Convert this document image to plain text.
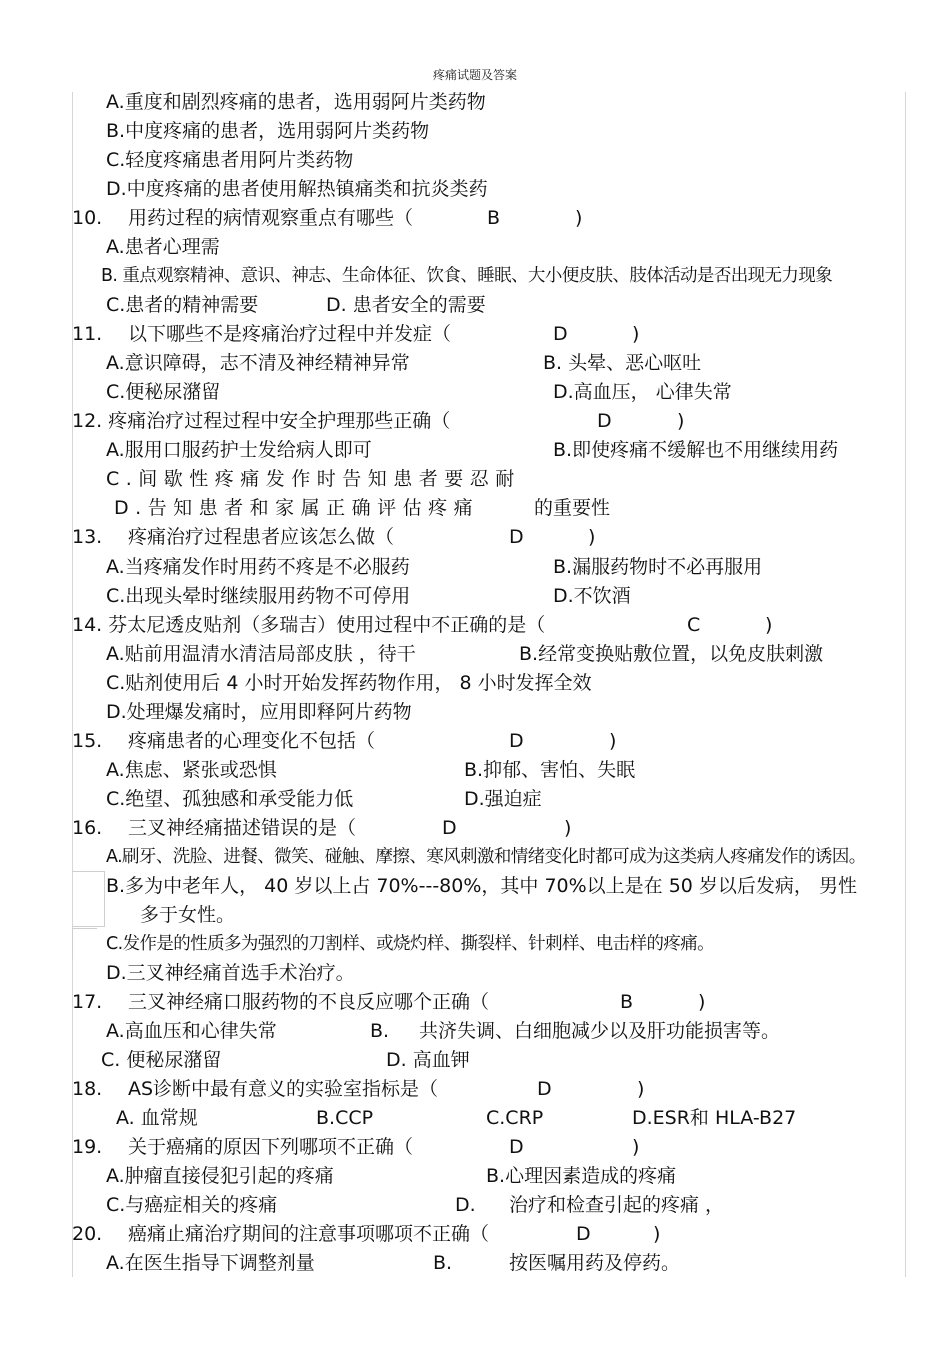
疼痛试题及答案
A.重度和剧烈疼痛的患者，选用弱阿片类药物
B.中度疼痛的患者，选用弱阿片类药物
C.轻度疼痛患者用阿片类药物
D.中度疼痛的患者使用解热镇痛类和抗炎类药
10. 用药过程的病情观察重点有哪些（	B	)
A.患者心理需
B. 重点观察精神、意识、神志、生命体征、饮食、睡眠、大小便皮肤、肢体活动是否出现无力现象
C.患者的精神需要	D. 患者安全的需要
11. 以下哪些不是疼痛治疗过程中并发症（	D	)
A.意识障碍，志不清及神经精神异常	B. 头晕、恶心呕吐
C.便秘尿潴留	D.高血压， 心律失常
12. 疼痛治疗过程过程中安全护理那些正确（	D	)
A.服用口服药护士发给病人即可	B.即使疼痛不缓解也不用继续用药
C.间歇性疼痛发作时告知患者要忍耐
D.告知患者和家属正确评估疼痛	的重要性
13. 疼痛治疗过程患者应该怎么做（	D	)
A.当疼痛发作时用药不疼是不必服药	B.漏服药物时不必再服用
C.出现头晕时继续服用药物不可停用	D.不饮酒
14. 芬太尼透皮贴剂（多瑞吉）使用过程中不正确的是（	C	)
A.贴前用温清水清洁局部皮肤 ，待干	B.经常变换贴敷位置，以免皮肤刺激
C.贴剂使用后 4 小时开始发挥药物作用， 8 小时发挥全效
D.处理爆发痛时，应用即释阿片药物
15. 疼痛患者的心理变化不包括（	D	)
A.焦虑、紧张或恐惧	B.抑郁、害怕、失眠
C.绝望、孤独感和承受能力低	D.强迫症
16. 三叉神经痛描述错误的是（	D	)
A.刷牙、洗脸、进餐、微笑、碰触、摩擦、寒风刺激和情绪变化时都可成为这类病人疼痛发作的诱因。
B.多为中老年人， 40 岁以上占 70%---80%，其中 70%以上是在 50 岁以后发病， 男性
多于女性。
C.发作是的性质多为强烈的刀割样、或烧灼样、撕裂样、针刺样、电击样的疼痛。
D.三叉神经痛首选手术治疗。
17. 三叉神经痛口服药物的不良反应哪个正确（	B	)
A.高血压和心律失常	B. 共济失调、白细胞减少以及肝功能损害等。
C. 便秘尿潴留	D. 高血钾
18. AS诊断中最有意义的实验室指标是（	D	)
A. 血常规	B.CCP	C.CRP	D.ESR和 HLA-B27
19. 关于癌痛的原因下列哪项不正确（	D	)
A.肿瘤直接侵犯引起的疼痛	B.心理因素造成的疼痛
C.与癌症相关的疼痛	D. 治疗和检查引起的疼痛 ，
20. 癌痛止痛治疗期间的注意事项哪项不正确（	D	)
A.在医生指导下调整剂量	B.	按医嘱用药及停药。
